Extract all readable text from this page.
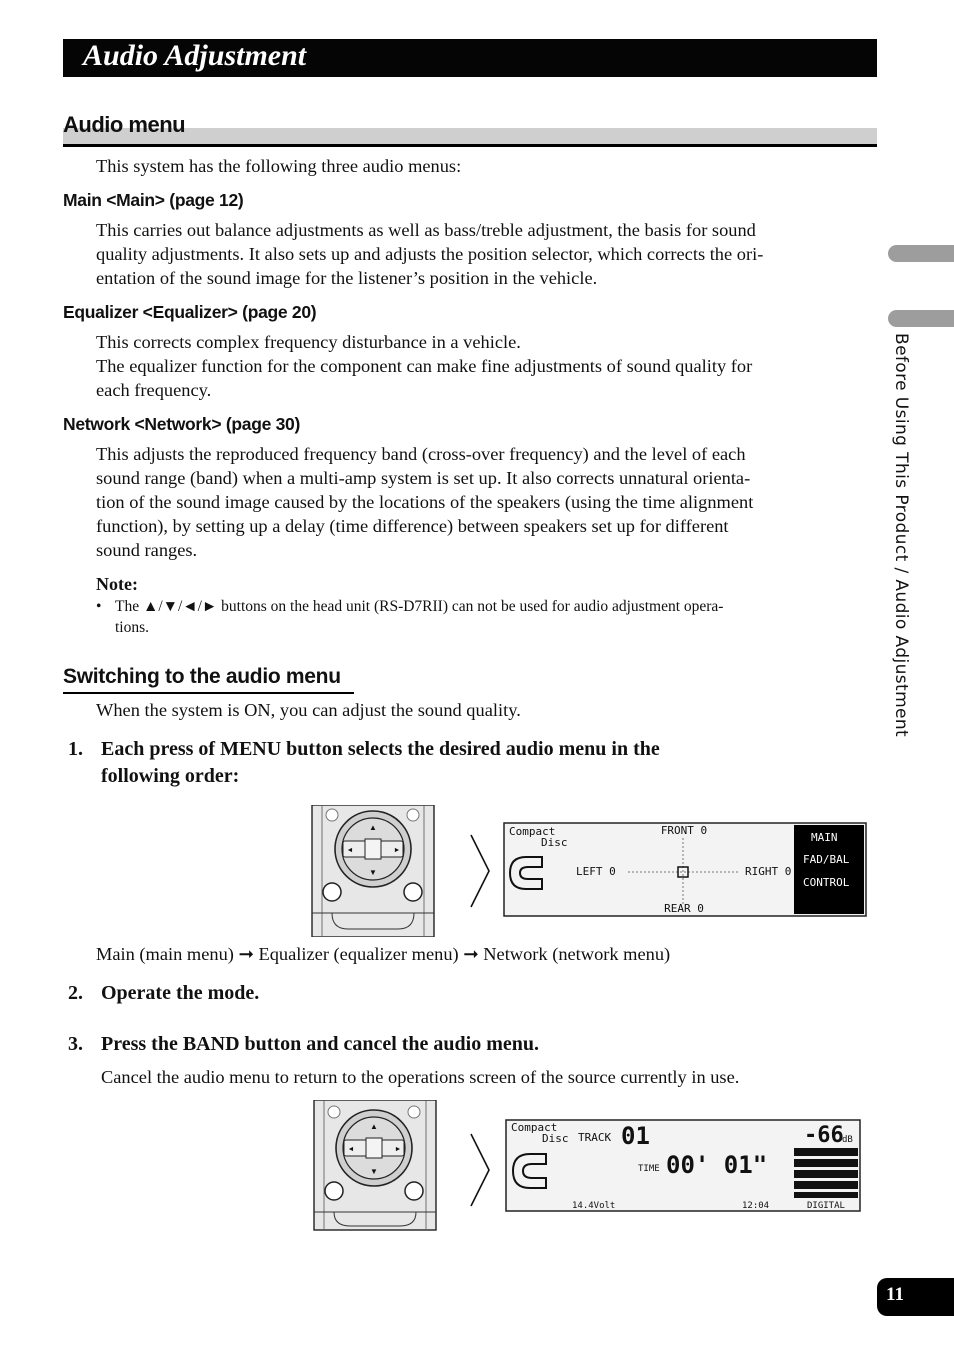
Audio Adjustment
Audio menu
This system has the following three audio menus:
Main <Main> (page 12)
This carries out balance adjustments as well as bass/treble adjustment, the basis for sound
quality adjustments. It also sets up and adjusts the position selector, which corrects the ori-
entation of the sound image for the listener’s position in the vehicle.
Equalizer <Equalizer> (page 20)
This corrects complex frequency disturbance in a vehicle.
The equalizer function for the component can make fine adjustments of sound quality for
each frequency.
Network <Network> (page 30)
This adjusts the reproduced frequency band (cross-over frequency) and the level of each
sound range (band) when a multi-amp system is set up. It also corrects unnatural orienta-
tion of the sound image caused by the locations of the speakers (using the time alignment
function), by setting up a delay (time difference) between speakers set up for different
sound ranges.
Note:
• The ▲/▼/◄/► buttons on the head unit (RS-D7RII) can not be used for audio adjustment opera-
tions.
Switching to the audio menu
When the system is ON, you can adjust the sound quality.
1. Each press of MENU button selects the desired audio menu in the
following order:
▲
▼
◄	►
Compact
Disc
FRONT 0
REAR 0
LEFT 0	RIGHT 0
MAIN
FAD/BAL
CONTROL
Main (main menu) ➞ Equalizer (equalizer menu) ➞ Network (network menu)
2. Operate the mode.
3. Press the BAND button and cancel the audio menu.
Cancel the audio menu to return to the operations screen of the source currently in use.
▲
▼
◄	►
Compact
Disc TRACK 01	-66
dB
TIME 00' 01"
14.4Volt	12:04	DIGITAL
Before Using This Product / Audio Adjustment
11
